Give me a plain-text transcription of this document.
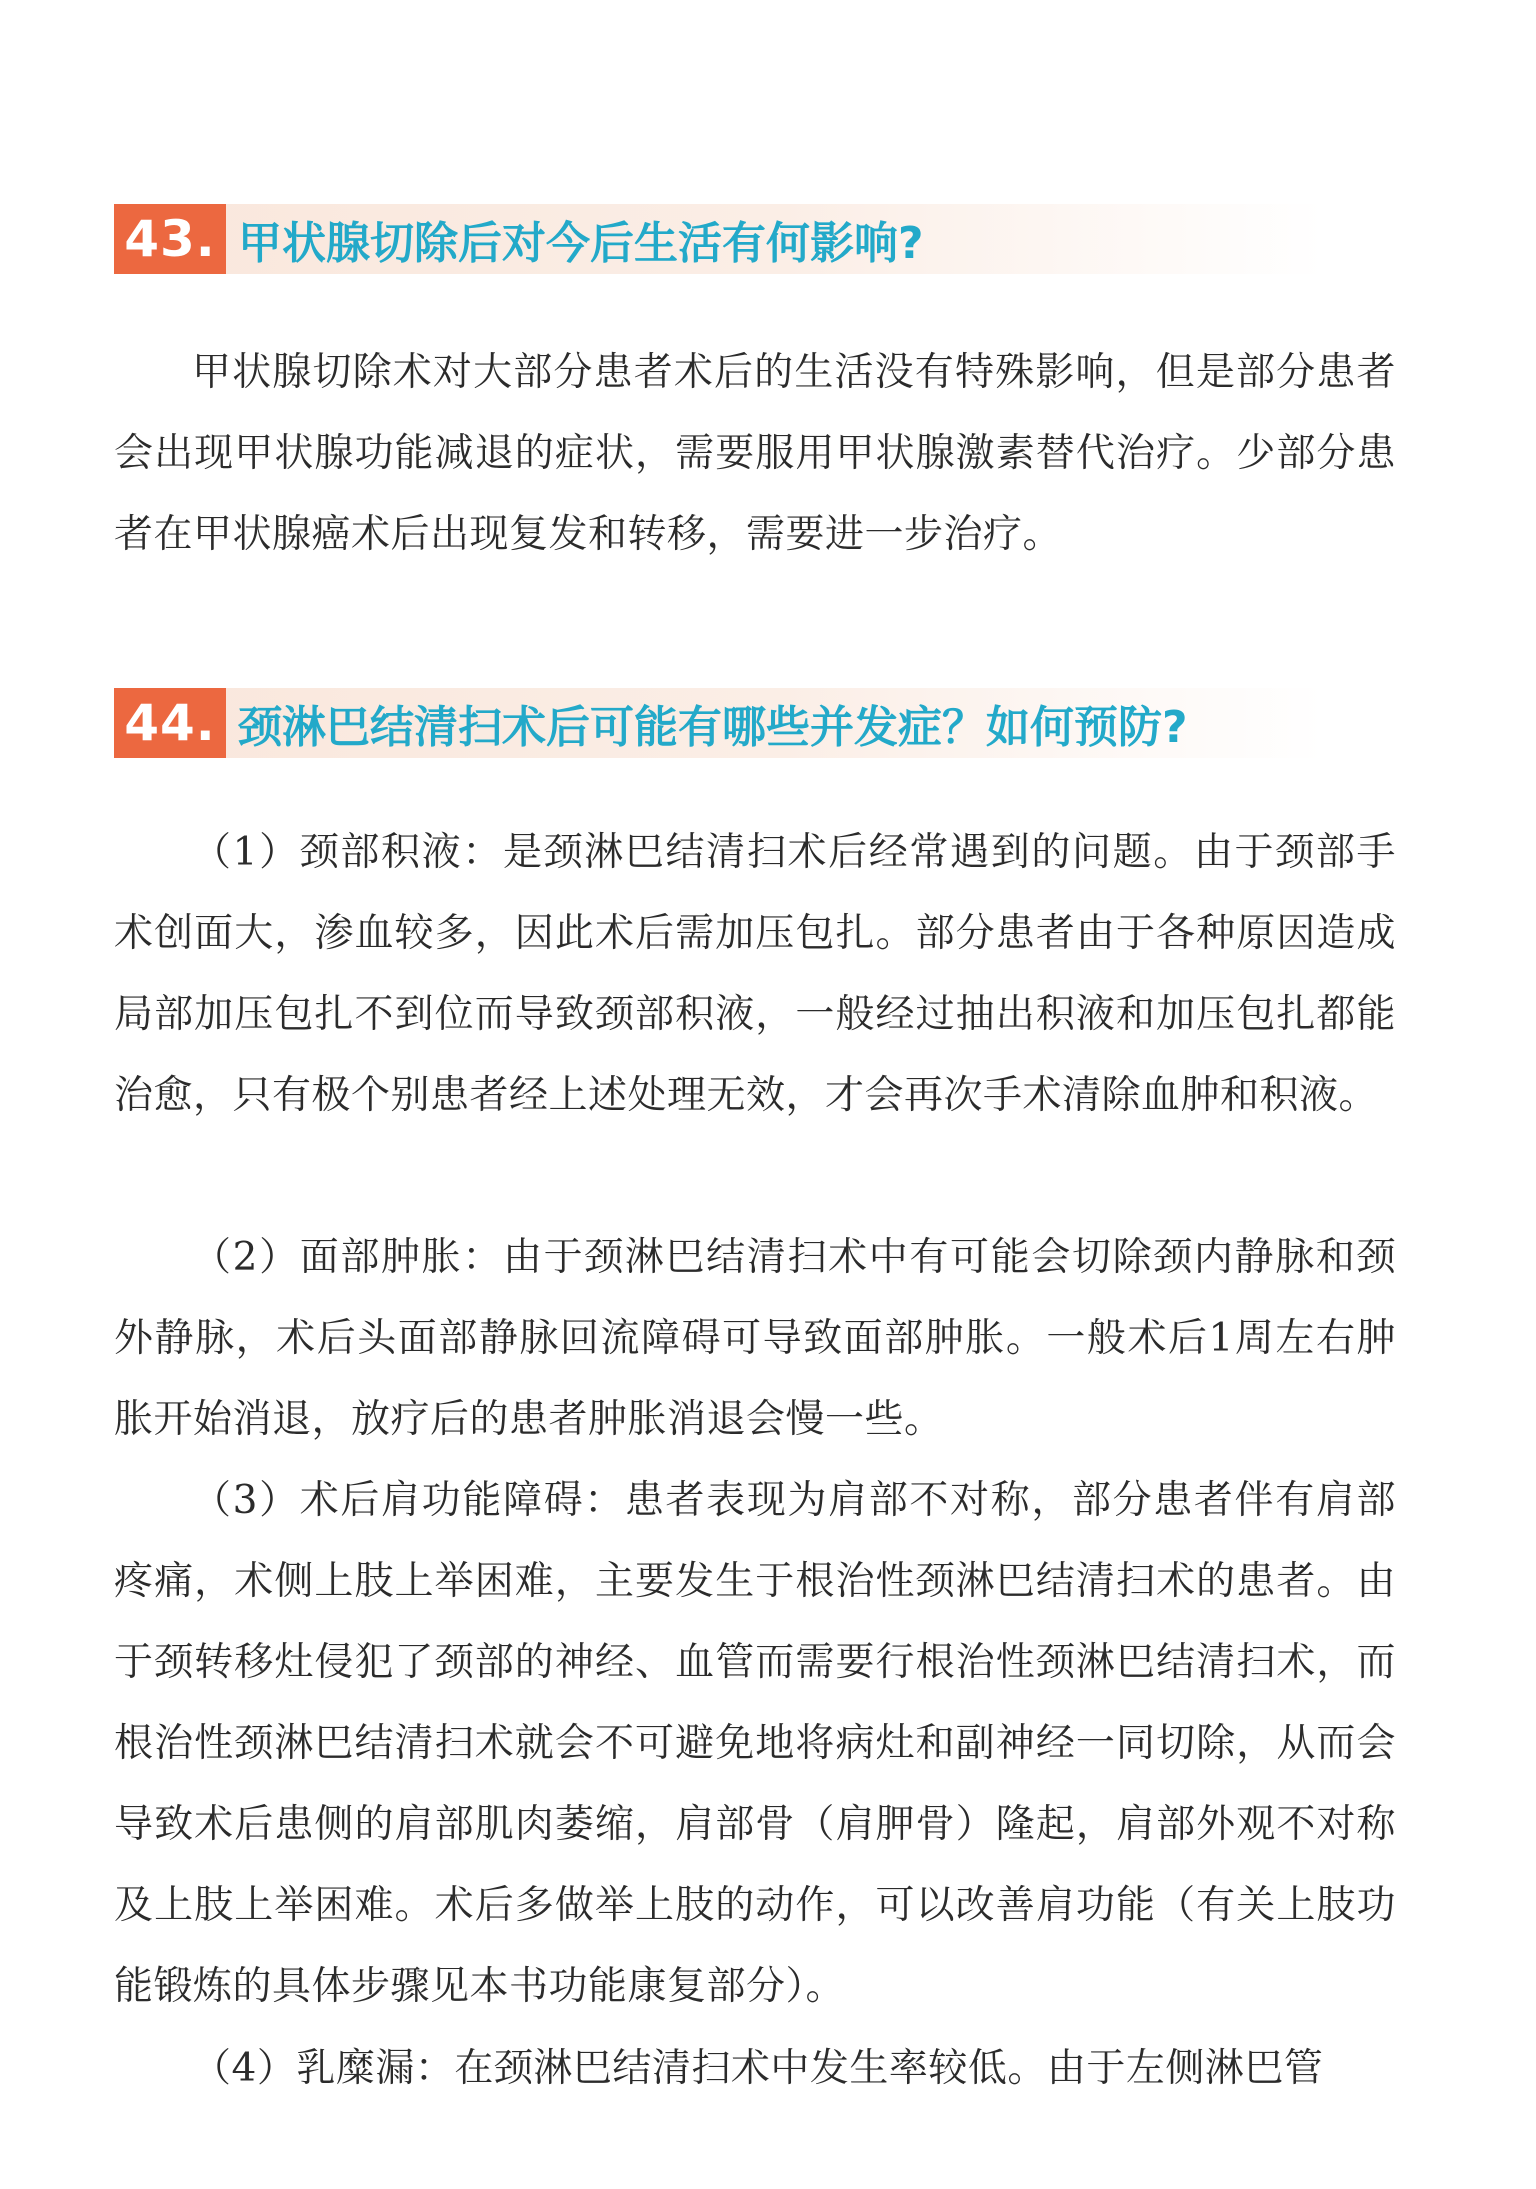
43. 甲状腺切除后对今后生活有何影响?

甲状腺切除术对大部分患者术后的生活没有特殊影响，但是部分患者会出现甲状腺功能减退的症状，需要服用甲状腺激素替代治疗。少部分患者在甲状腺癌术后出现复发和转移，需要进一步治疗。

44. 颈淋巴结清扫术后可能有哪些并发症？如何预防?

（1）颈部积液：是颈淋巴结清扫术后经常遇到的问题。由于颈部手术创面大，渗血较多，因此术后需加压包扎。部分患者由于各种原因造成局部加压包扎不到位而导致颈部积液，一般经过抽出积液和加压包扎都能治愈，只有极个别患者经上述处理无效，才会再次手术清除血肿和积液。

（2）面部肿胀：由于颈淋巴结清扫术中有可能会切除颈内静脉和颈外静脉，术后头面部静脉回流障碍可导致面部肿胀。一般术后1周左右肿胀开始消退，放疗后的患者肿胀消退会慢一些。

（3）术后肩功能障碍：患者表现为肩部不对称，部分患者伴有肩部疼痛，术侧上肢上举困难，主要发生于根治性颈淋巴结清扫术的患者。由于颈转移灶侵犯了颈部的神经、血管而需要行根治性颈淋巴结清扫术，而根治性颈淋巴结清扫术就会不可避免地将病灶和副神经一同切除，从而会导致术后患侧的肩部肌肉萎缩，肩部骨（肩胛骨）隆起，肩部外观不对称及上肢上举困难。术后多做举上肢的动作，可以改善肩功能（有关上肢功能锻炼的具体步骤见本书功能康复部分）。

（4）乳糜漏：在颈淋巴结清扫术中发生率较低。由于左侧淋巴管
